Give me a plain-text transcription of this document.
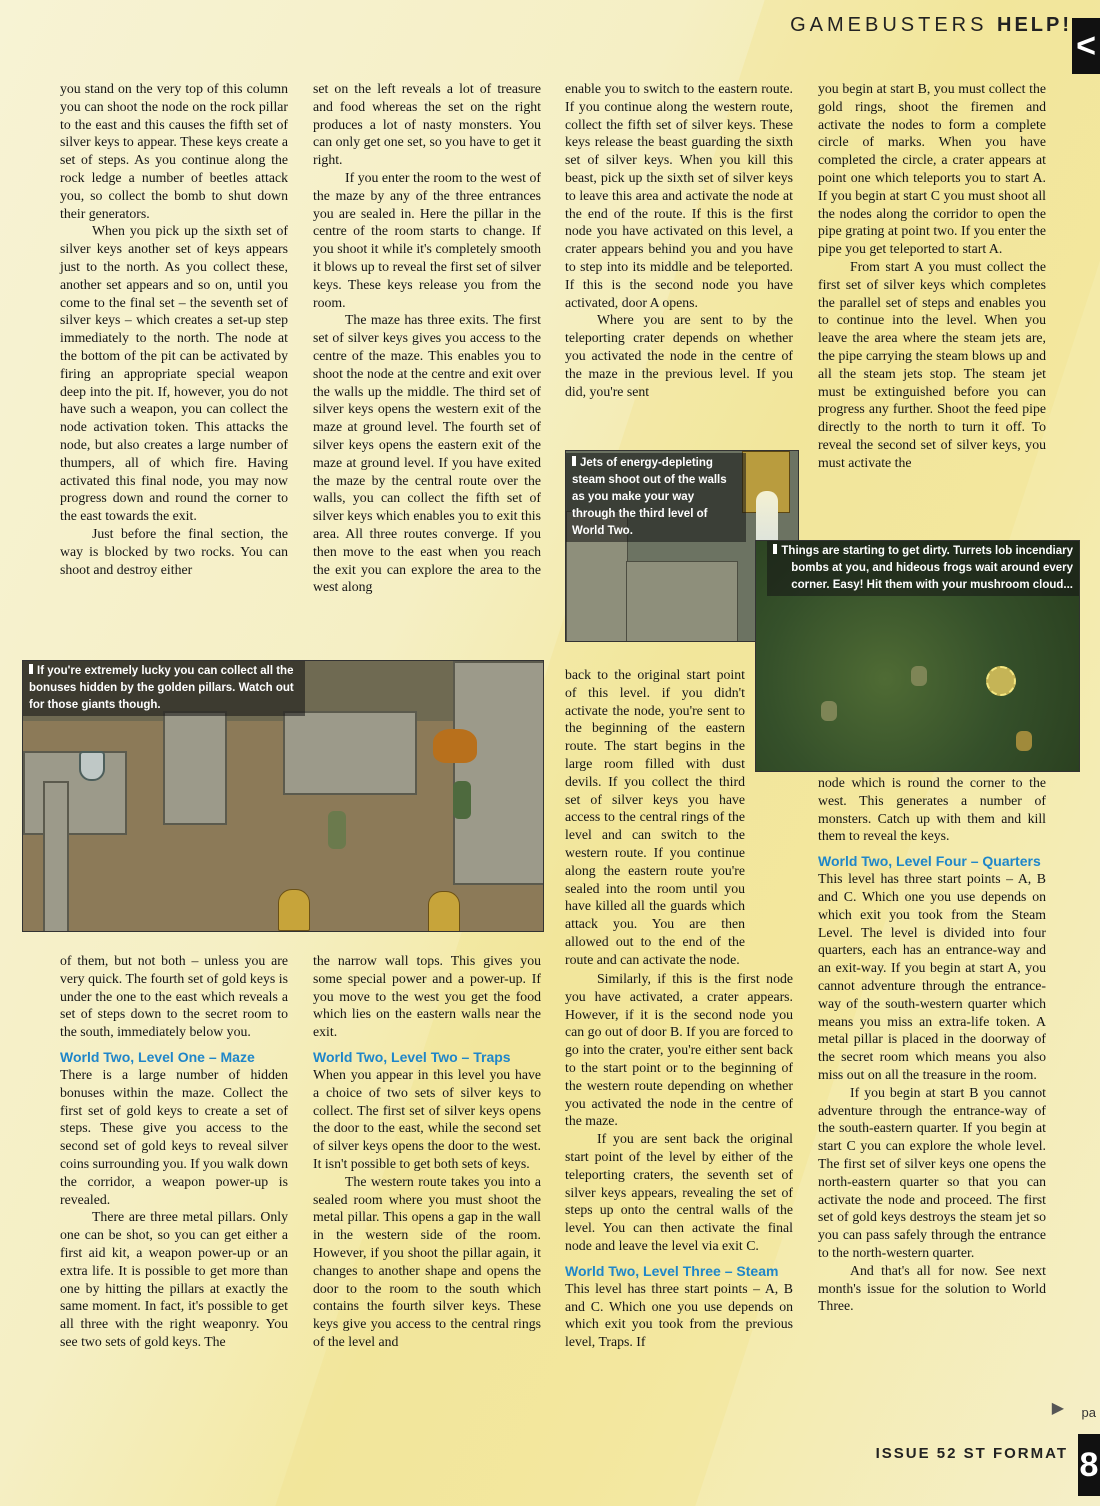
GAMEBUSTERS HELP!
<

you stand on the very top of this column you can shoot the node on the rock pillar to the east and this causes the fifth set of silver keys to appear. These keys create a set of steps. As you continue along the rock ledge a number of beetles attack you, so collect the bomb to shut down their generators.

When you pick up the sixth set of silver keys another set of keys appears just to the north. As you collect these, another set appears and so on, until you come to the final set – the seventh set of silver keys – which creates a set-up step immediately to the north. The node at the bottom of the pit can be activated by firing an appropriate special weapon deep into the pit. If, however, you do not have such a weapon, you can collect the node activation token. This attacks the node, but also creates a large number of thumpers, all of which fire. Having activated this final node, you may now progress down and round the corner to the east towards the exit.

Just before the final section, the way is blocked by two rocks. You can shoot and destroy either

of them, but not both – unless you are very quick. The fourth set of gold keys is under the one to the east which reveals a set of steps down to the secret room to the south, immediately below you.

World Two, Level One – Maze

There is a large number of hidden bonuses within the maze. Collect the first set of gold keys to create a set of steps. These give you access to the second set of gold keys to reveal silver coins surrounding you. If you walk down the corridor, a weapon power-up is revealed.

There are three metal pillars. Only one can be shot, so you can get either a first aid kit, a weapon power-up or an extra life. It is possible to get more than one by hitting the pillars at exactly the same moment. In fact, it's possible to get all three with the right weaponry. You see two sets of gold keys. The

set on the left reveals a lot of treasure and food whereas the set on the right produces a lot of nasty monsters. You can only get one set, so you have to get it right.

If you enter the room to the west of the maze by any of the three entrances you are sealed in. Here the pillar in the centre of the room starts to change. If you shoot it while it's completely smooth it blows up to reveal the first set of silver keys. These keys release you from the room.

The maze has three exits. The first set of silver keys gives you access to the centre of the maze. This enables you to shoot the node at the centre and exit over the walls up the middle. The third set of silver keys opens the western exit of the maze at ground level. The fourth set of silver keys opens the eastern exit of the maze at ground level. If you have exited the maze by the central route over the walls, you can collect the fifth set of silver keys which enables you to exit this area. All three routes converge. If you then move to the east when you reach the exit you can explore the area to the west along

the narrow wall tops. This gives you some special power and a power-up. If you move to the west you get the food which lies on the eastern walls near the exit.

World Two, Level Two – Traps

When you appear in this level you have a choice of two sets of silver keys to collect. The first set of silver keys opens the door to the east, while the second set of silver keys opens the door to the west. It isn't possible to get both sets of keys.

The western route takes you into a sealed room where you must shoot the metal pillar. This opens a gap in the wall in the western side of the room. However, if you shoot the pillar again, it changes to another shape and opens the door to the room to the south which contains the fourth silver keys. These keys give you access to the central rings of the level and

enable you to switch to the eastern route. If you continue along the western route, collect the fifth set of silver keys. These keys release the beast guarding the sixth set of silver keys. When you kill this beast, pick up the sixth set of silver keys to leave this area and activate the node at the end of the route. If this is the first node you have activated on this level, a crater appears behind you and you have to step into its middle and be teleported. If this is the second node you have activated, door A opens.

Where you are sent to by the teleporting crater depends on whether you activated the node in the centre of the maze in the previous level. If you did, you're sent

back to the original start point of this level. if you didn't activate the node, you're sent to the beginning of the eastern route. The start begins in the large room filled with dust devils. If you collect the third set of silver keys you have access to the central rings of the level and can switch to the western route. If you continue along the eastern route you're sealed into the room until you have killed all the guards which attack you. You are then allowed out to the end of the route and can activate the node.

Similarly, if this is the first node you have activated, a crater appears. However, if it is the second node you can go out of door B. If you are forced to go into the crater, you're either sent back to the start point or to the beginning of the western route depending on whether you activated the node in the centre of the maze.

If you are sent back the original start point of the level by either of the teleporting craters, the seventh set of silver keys appears, revealing the set of steps up onto the central walls of the level. You can then activate the final node and leave the level via exit C.

World Two, Level Three – Steam

This level has three start points – A, B and C. Which one you use depends on which exit you took from the previous level, Traps. If

you begin at start B, you must collect the gold rings, shoot the firemen and activate the nodes to form a complete circle of marks. When you have completed the circle, a crater appears at point one which teleports you to start A. If you begin at start C you must shoot all the nodes along the corridor to open the pipe grating at point two. If you enter the pipe you get teleported to start A.

From start A you must collect the first set of silver keys which completes the parallel set of steps and enables you to continue into the level. When you leave the area where the steam jets are, the pipe carrying the steam blows up and all the steam jets stop. The steam jet must be extinguished before you can progress any further. Shoot the feed pipe directly to the north to turn it off. To reveal the second set of silver keys, you must activate the

node which is round the corner to the west. This generates a number of monsters. Catch up with them and kill them to reveal the keys.

World Two, Level Four – Quarters

This level has three start points – A, B and C. Which one you use depends on which exit you took from the Steam Level. The level is divided into four quarters, each has an entrance-way and an exit-way. If you begin at start A, you cannot adventure through the entrance-way of the south-western quarter which means you miss an extra-life token. A metal pillar is placed in the doorway of the secret room which means you also miss out on all the treasure in the room.

If you begin at start B you cannot adventure through the entrance-way of the south-eastern quarter. If you begin at start C you can explore the whole level. The first set of silver keys one opens the north-eastern quarter so that you can activate the node and proceed. The first set of gold keys destroys the steam jet so you can pass safely through the entrance to the north-western quarter.

And that's all for now. See next month's issue for the solution to World Three.

If you're extremely lucky you can collect all the bonuses hidden by the golden pillars. Watch out for those giants though.
Jets of energy-depleting steam shoot out of the walls as you make your way through the third level of World Two.
Things are starting to get dirty. Turrets lob incendiary bombs at you, and hideous frogs wait around every corner. Easy! Hit them with your mushroom cloud...
▶ pa
ISSUE 52 ST FORMAT 8
